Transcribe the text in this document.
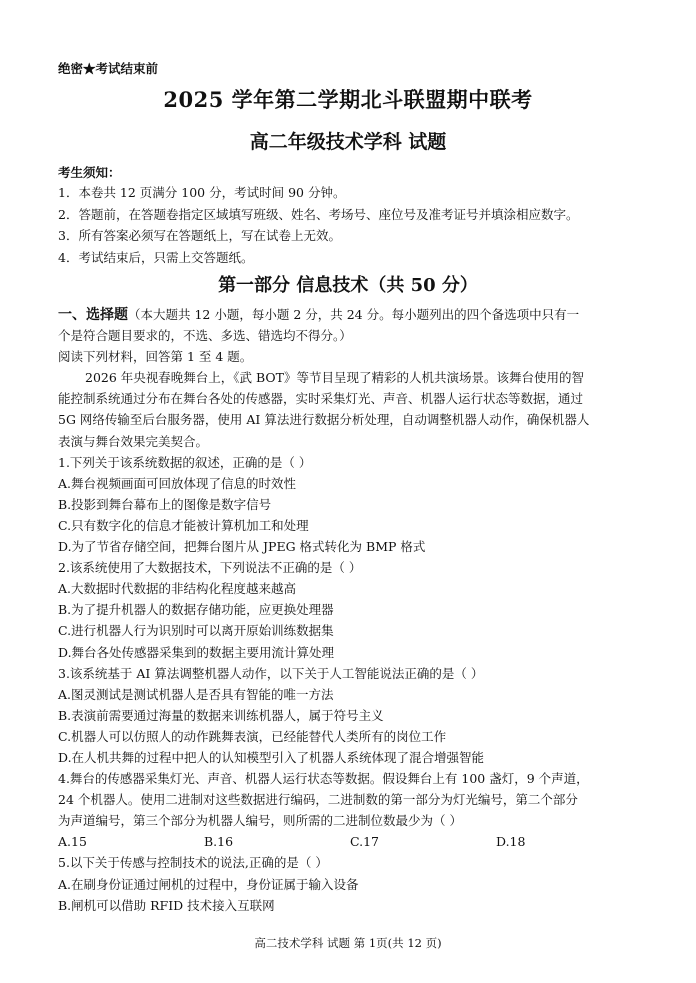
绝密★考试结束前
2025 学年第二学期北斗联盟期中联考
高二年级技术学科 试题
考生须知：
1．本卷共 12 页满分 100 分，考试时间 90 分钟。
2．答题前，在答题卷指定区域填写班级、姓名、考场号、座位号及准考证号并填涂相应数字。
3．所有答案必须写在答题纸上，写在试卷上无效。
4．考试结束后，只需上交答题纸。
第一部分 信息技术（共 50 分）
一、选择题（本大题共 12 小题，每小题 2 分，共 24 分。每小题列出的四个备选项中只有一
个是符合题目要求的，不选、多选、错选均不得分。）
阅读下列材料，回答第 1 至 4 题。
2026 年央视春晚舞台上，《武 BOT》等节目呈现了精彩的人机共演场景。该舞台使用的智
能控制系统通过分布在舞台各处的传感器，实时采集灯光、声音、机器人运行状态等数据，通过
5G 网络传输至后台服务器，使用 AI 算法进行数据分析处理，自动调整机器人动作，确保机器人
表演与舞台效果完美契合。
1.下列关于该系统数据的叙述，正确的是（ ）
A.舞台视频画面可回放体现了信息的时效性
B.投影到舞台幕布上的图像是数字信号
C.只有数字化的信息才能被计算机加工和处理
D.为了节省存储空间，把舞台图片从 JPEG 格式转化为 BMP 格式
2.该系统使用了大数据技术，下列说法不正确的是（ ）
A.大数据时代数据的非结构化程度越来越高
B.为了提升机器人的数据存储功能，应更换处理器
C.进行机器人行为识别时可以离开原始训练数据集
D.舞台各处传感器采集到的数据主要用流计算处理
3.该系统基于 AI 算法调整机器人动作，以下关于人工智能说法正确的是（ ）
A.图灵测试是测试机器人是否具有智能的唯一方法
B.表演前需要通过海量的数据来训练机器人，属于符号主义
C.机器人可以仿照人的动作跳舞表演，已经能替代人类所有的岗位工作
D.在人机共舞的过程中把人的认知模型引入了机器人系统体现了混合增强智能
4.舞台的传感器采集灯光、声音、机器人运行状态等数据。假设舞台上有 100 盏灯，9 个声道，
24 个机器人。使用二进制对这些数据进行编码，二进制数的第一部分为灯光编号，第二个部分
为声道编号，第三个部分为机器人编号，则所需的二进制位数最少为（ ）
A.15	B.16	C.17	D.18
5.以下关于传感与控制技术的说法,正确的是（ ）
A.在刷身份证通过闸机的过程中，身份证属于输入设备
B.闸机可以借助 RFID 技术接入互联网
高二技术学科 试题 第 1页(共 12 页)
